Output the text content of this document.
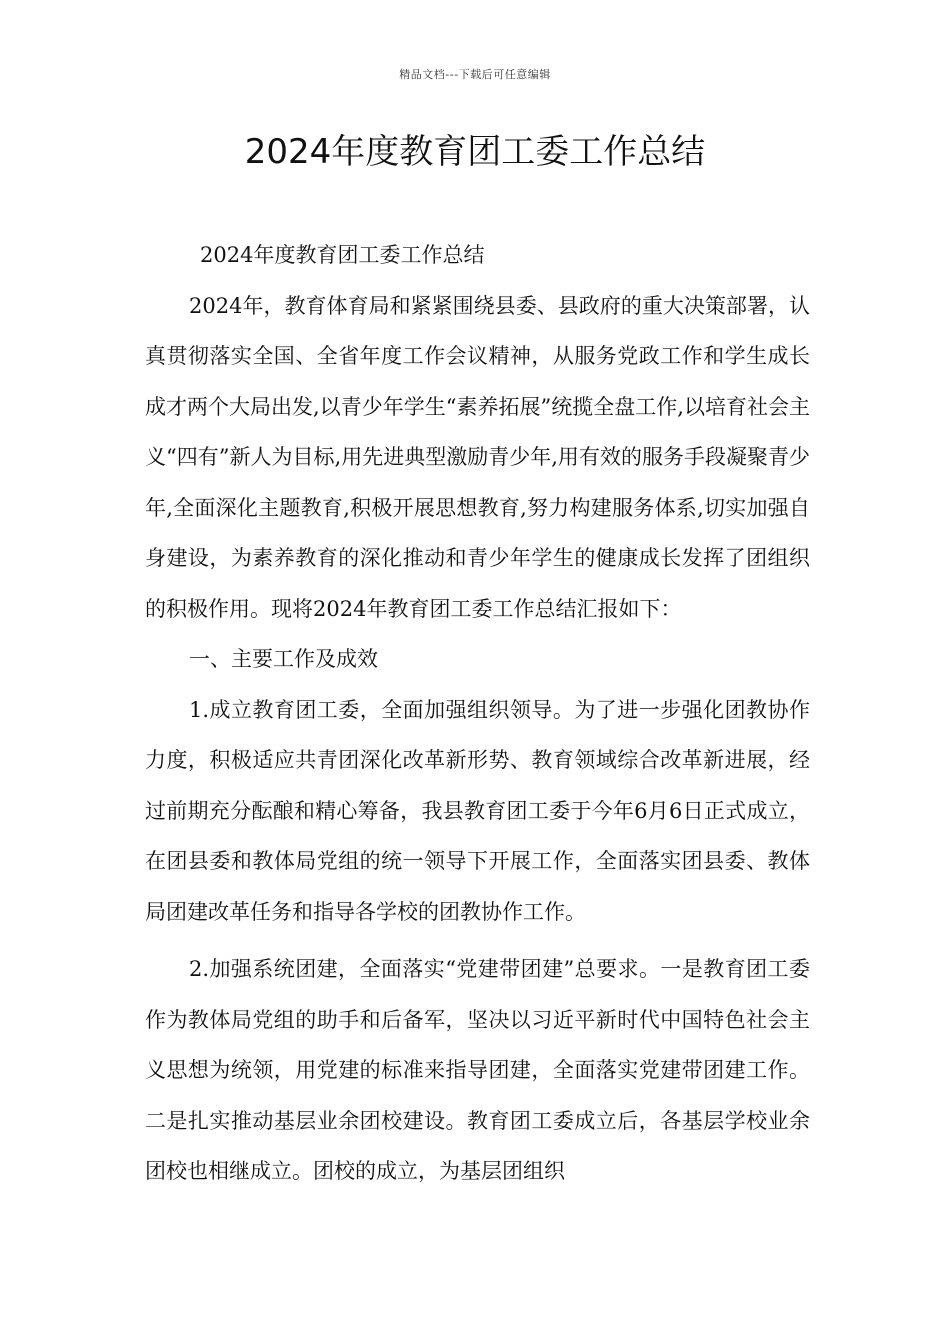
精品文档---下载后可任意编辑
2024年度教育团工委工作总结

2024年度教育团工委工作总结

2024年，教育体育局和紧紧围绕县委、县政府的重大决策部署，认真贯彻落实全国、全省年度工作会议精神，从服务党政工作和学生成长成才两个大局出发,以青少年学生“素养拓展”统揽全盘工作,以培育社会主义“四有”新人为目标,用先进典型激励青少年,用有效的服务手段凝聚青少年,全面深化主题教育,积极开展思想教育,努力构建服务体系,切实加强自身建设，为素养教育的深化推动和青少年学生的健康成长发挥了团组织的积极作用。现将2024年教育团工委工作总结汇报如下：

一、主要工作及成效

1.成立教育团工委，全面加强组织领导。为了进一步强化团教协作力度，积极适应共青团深化改革新形势、教育领域综合改革新进展，经过前期充分酝酿和精心筹备，我县教育团工委于今年6月6日正式成立，在团县委和教体局党组的统一领导下开展工作，全面落实团县委、教体局团建改革任务和指导各学校的团教协作工作。

2.加强系统团建，全面落实“党建带团建”总要求。一是教育团工委作为教体局党组的助手和后备军，坚决以习近平新时代中国特色社会主义思想为统领，用党建的标准来指导团建，全面落实党建带团建工作。二是扎实推动基层业余团校建设。教育团工委成立后，各基层学校业余团校也相继成立。团校的成立，为基层团组织
